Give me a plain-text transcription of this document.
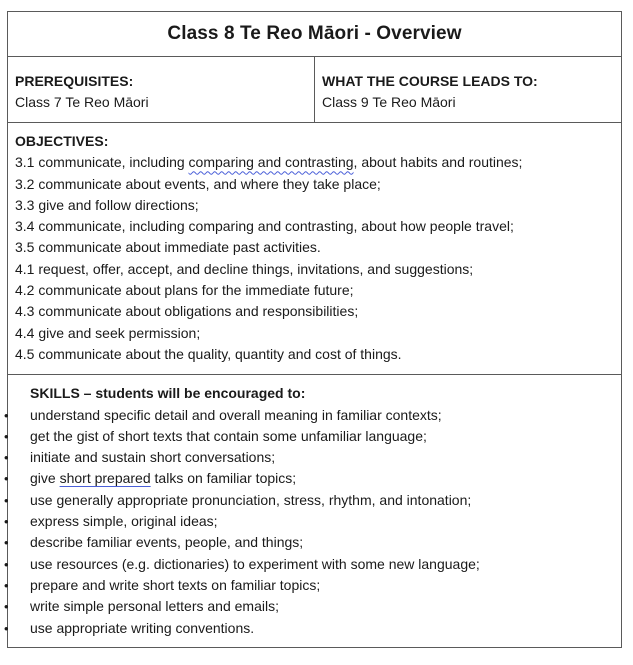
Class 8 Te Reo Māori - Overview
PREREQUISITES:
Class 7 Te Reo Māori
WHAT THE COURSE LEADS TO:
Class 9 Te Reo Māori
OBJECTIVES:
3.1 communicate, including comparing and contrasting, about habits and routines;
3.2 communicate about events, and where they take place;
3.3 give and follow directions;
3.4 communicate, including comparing and contrasting, about how people travel;
3.5 communicate about immediate past activities.
4.1 request, offer, accept, and decline things, invitations, and suggestions;
4.2 communicate about plans for the immediate future;
4.3 communicate about obligations and responsibilities;
4.4 give and seek permission;
4.5 communicate about the quality, quantity and cost of things.
SKILLS – students will be encouraged to:
• understand specific detail and overall meaning in familiar contexts;
• get the gist of short texts that contain some unfamiliar language;
• initiate and sustain short conversations;
• give short prepared talks on familiar topics;
• use generally appropriate pronunciation, stress, rhythm, and intonation;
• express simple, original ideas;
• describe familiar events, people, and things;
• use resources (e.g. dictionaries) to experiment with some new language;
• prepare and write short texts on familiar topics;
• write simple personal letters and emails;
• use appropriate writing conventions.
